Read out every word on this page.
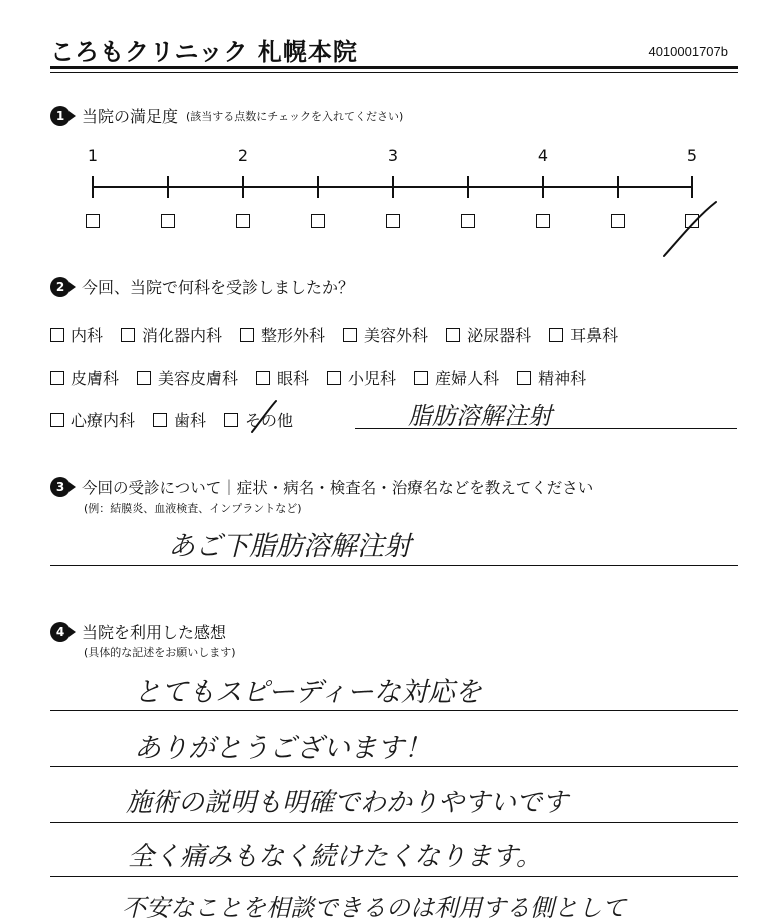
ころもクリニック 札幌本院	4010001707b
1	当院の満足度 (該当する点数にチェックを入れてください)
1	2	3	4	5
2	今回、当院で何科を受診しましたか？
内科 消化器内科 整形外科 美容外科 泌尿器科 耳鼻科
皮膚科 美容皮膚科 眼科 小児科 産婦人科 精神科
心療内科 歯科 その他	脂肪溶解注射
3	今回の受診について｜症状・病名・検査名・治療名などを教えてください
(例：結膜炎、血液検査、インプラントなど)
あご下脂肪溶解注射
4	当院を利用した感想
(具体的な記述をお願いします)
とてもスピーディーな対応を
ありがとうございます！
施術の説明も明確でわかりやすいです
全く痛みもなく続けたくなります。
不安なことを相談できるのは利用する側として
